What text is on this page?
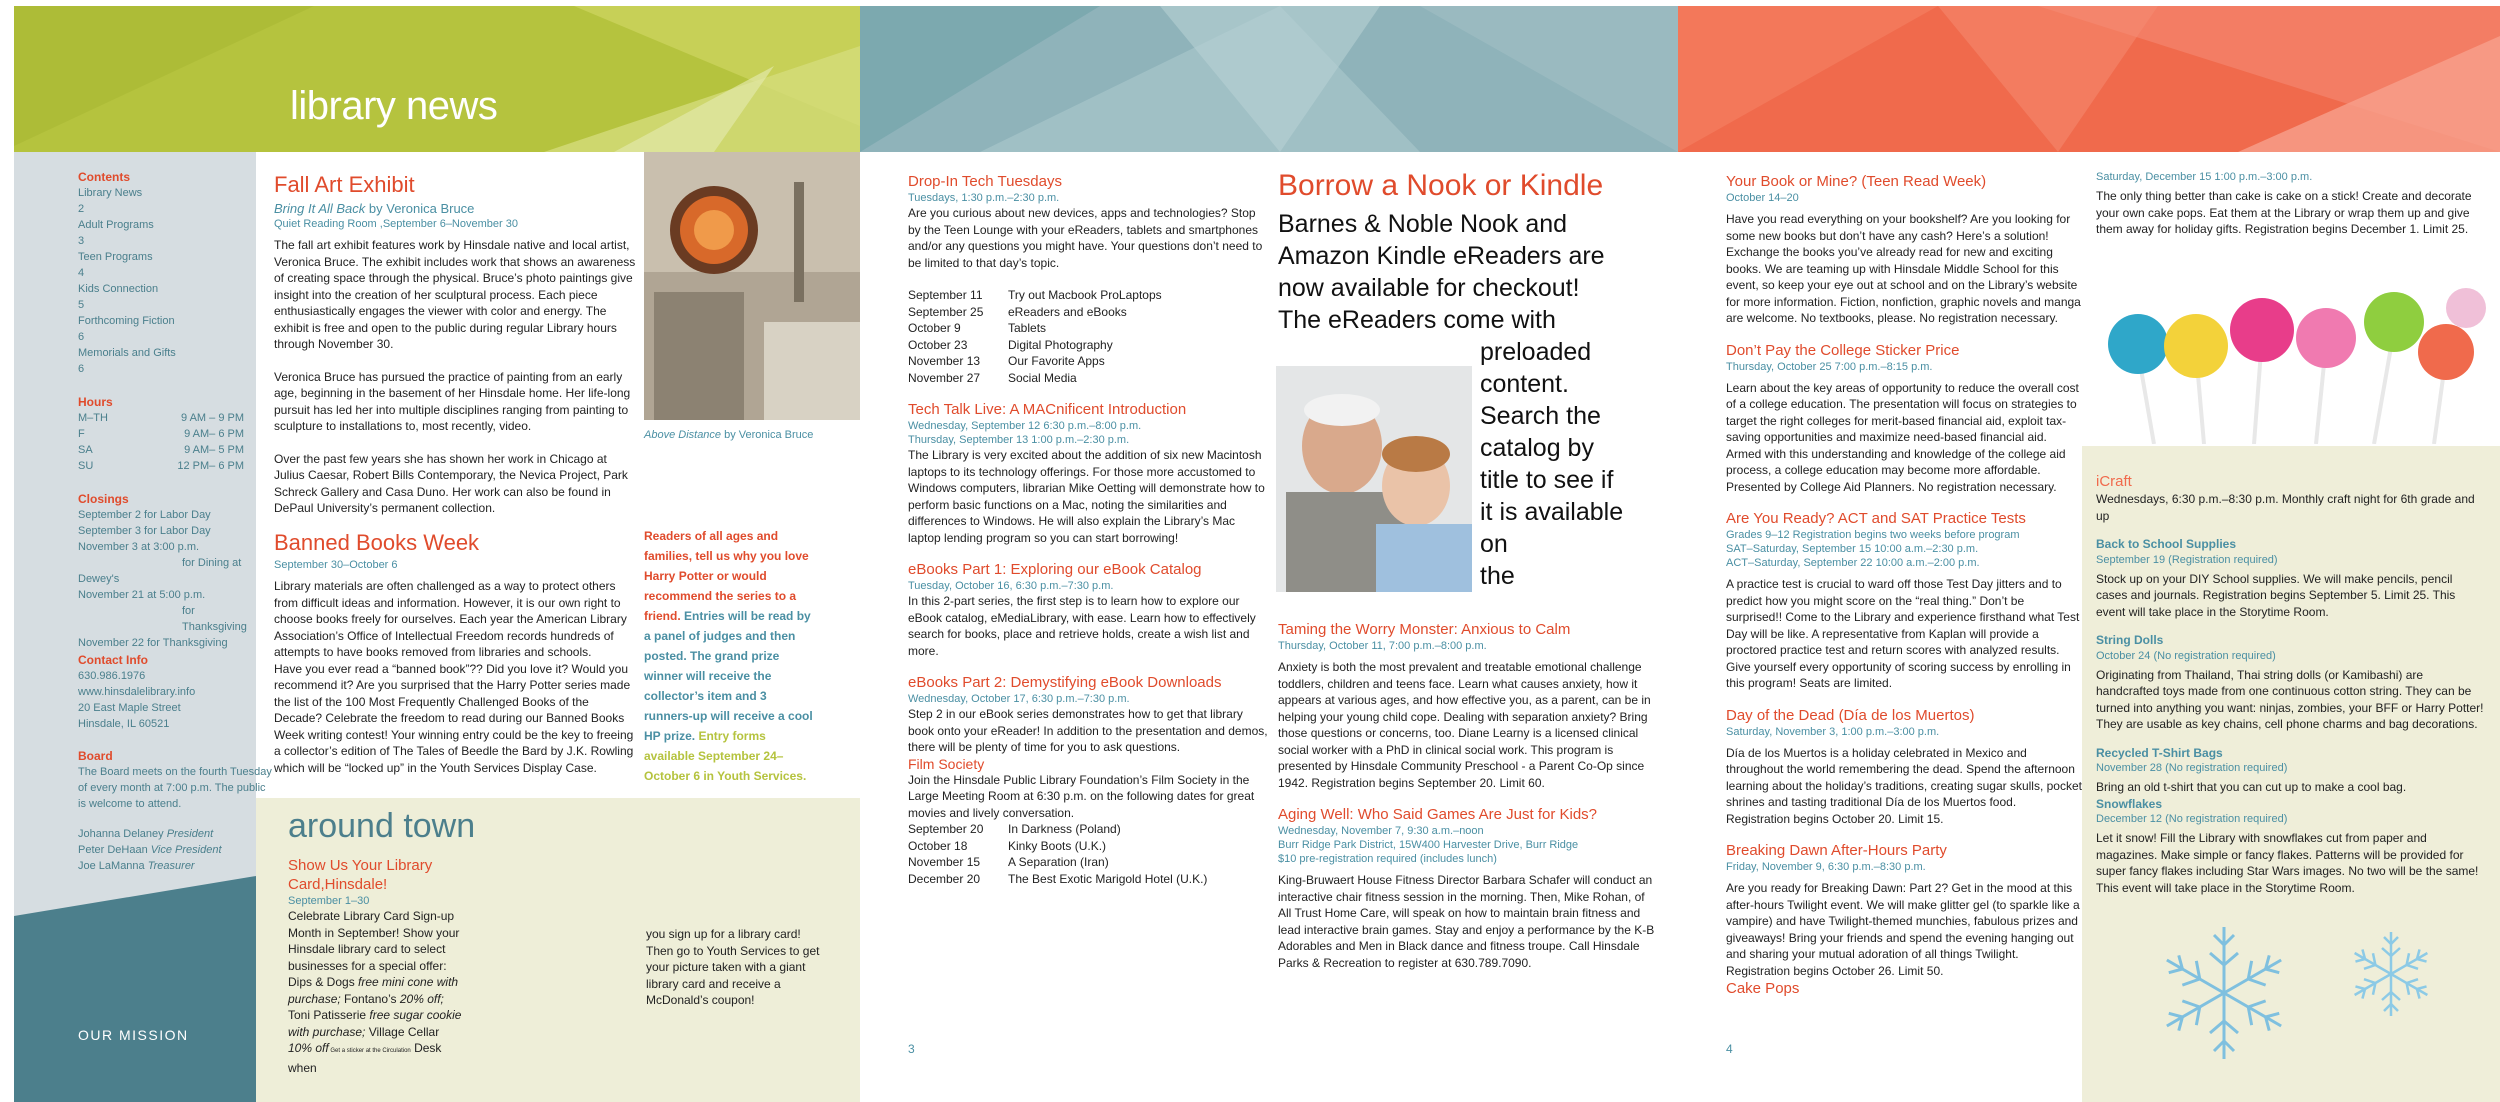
library news
Contents
Library News
2
Adult Programs
3
Teen Programs
4
Kids Connection
5
Forthcoming Fiction
6
Memorials and Gifts
6
Hours
M–TH	9 AM – 9 PM
F	9 AM– 6 PM
SA	9 AM– 5 PM
SU	12 PM– 6 PM
Closings
September 2 for Labor Day
September 3 for Labor Day
November 3 at 3:00 p.m.
for Dining at
Dewey's
November 21 at 5:00 p.m.
for Thanksgiving
November 22 for Thanksgiving
Contact Info
630.986.1976
www.hinsdalelibrary.info
20 East Maple Street
Hinsdale, IL 60521
Board
The Board meets on the fourth Tuesday of every month at 7:00 p.m. The public is welcome to attend.
Johanna Delaney President
Peter DeHaan Vice President
Joe LaManna Treasurer
OUR MISSION
Fall Art Exhibit
Bring It All Back by Veronica Bruce
Quiet Reading Room ,September 6–November 30

The fall art exhibit features work by Hinsdale native and local artist, Veronica Bruce. The exhibit includes work that shows an awareness of creating space through the physical. Bruce’s photo paintings give insight into the creation of her sculptural process. Each piece enthusiastically engages the viewer with color and energy. The exhibit is free and open to the public during regular Library hours through November 30.

Veronica Bruce has pursued the practice of painting from an early age, beginning in the basement of her Hinsdale home. Her life-long pursuit has led her into multiple disciplines ranging from painting to sculpture to installations to, most recently, video.

Over the past few years she has shown her work in Chicago at Julius Caesar, Robert Bills Contemporary, the Nevica Project, Park Schreck Gallery and Casa Duno. Her work can also be found in DePaul University’s permanent collection.

Above Distance by Veronica Bruce
Banned Books Week
September 30–October 6

Library materials are often challenged as a way to protect others from difficult ideas and information. However, it is our own right to choose books freely for ourselves. Each year the American Library Association’s Office of Intellectual Freedom records hundreds of attempts to have books removed from libraries and schools.

Have you ever read a “banned book”?? Did you love it? Would you recommend it? Are you surprised that the Harry Potter series made the list of the 100 Most Frequently Challenged Books of the Decade? Celebrate the freedom to read during our Banned Books Week writing contest! Your winning entry could be the key to freeing a collector’s edition of The Tales of Beedle the Bard by J.K. Rowling which will be “locked up” in the Youth Services Display Case.

Readers of all ages and families, tell us why you love Harry Potter or would recommend the series to a friend. Entries will be read by a panel of judges and then posted. The grand prize winner will receive the collector’s item and 3 runners-up will receive a cool HP prize. Entry forms available September 24–October 6 in Youth Services.
around town
Show Us Your Library Card,Hinsdale!
September 1–30

Celebrate Library Card Sign-up Month in September! Show your Hinsdale library card to select businesses for a special offer: Dips & Dogs free mini cone with purchase; Fontano’s 20% off; Toni Patisserie free sugar cookie with purchase; Village Cellar 10% off Get a sticker at the Circulation Desk when

you sign up for a library card! Then go to Youth Services to get your picture taken with a giant library card and receive a McDonald’s coupon!
Drop-In Tech Tuesdays
Tuesdays, 1:30 p.m.–2:30 p.m.

Are you curious about new devices, apps and technologies? Stop by the Teen Lounge with your eReaders, tablets and smartphones and/or any questions you might have. Your questions don’t need to be limited to that day’s topic.

September 11	Try out Macbook ProLaptops
September 25	eReaders and eBooks
October 9	Tablets
October 23	Digital Photography
November 13	Our Favorite Apps
November 27	Social Media
Tech Talk Live: A MACnificent Introduction
Wednesday, September 12 6:30 p.m.–8:00 p.m.
Thursday, September 13 1:00 p.m.–2:30 p.m.

The Library is very excited about the addition of six new Macintosh laptops to its technology offerings. For those more accustomed to Windows computers, librarian Mike Oetting will demonstrate how to perform basic functions on a Mac, noting the similarities and differences to Windows. He will also explain the Library’s Mac laptop lending program so you can start borrowing!

eBooks Part 1: Exploring our eBook Catalog
Tuesday, October 16, 6:30 p.m.–7:30 p.m.

In this 2-part series, the first step is to learn how to explore our eBook catalog, eMediaLibrary, with ease. Learn how to effectively search for books, place and retrieve holds, create a wish list and more.

eBooks Part 2: Demystifying eBook Downloads
Wednesday, October 17, 6:30 p.m.–7:30 p.m.

Step 2 in our eBook series demonstrates how to get that library book onto your eReader! In addition to the presentation and demos, there will be plenty of time for you to ask questions.

Film Society

Join the Hinsdale Public Library Foundation’s Film Society in the Large Meeting Room at 6:30 p.m. on the following dates for great movies and lively conversation.

September 20	In Darkness (Poland)
October 18	Kinky Boots (U.K.)
November 15	A Separation (Iran)
December 20	The Best Exotic Marigold Hotel (U.K.)
Borrow a Nook or Kindle
Barnes & Noble Nook and
Amazon Kindle eReaders are
now available for checkout!
The eReaders come with
preloaded
content.
Search the
catalog by
title to see if
it is available
on
the
Taming the Worry Monster: Anxious to Calm
Thursday, October 11, 7:00 p.m.–8:00 p.m.

Anxiety is both the most prevalent and treatable emotional challenge toddlers, children and teens face. Learn what causes anxiety, how it appears at various ages, and how effective you, as a parent, can be in helping your young child cope. Dealing with separation anxiety? Bring those questions or concerns, too. Diane Learny is a licensed clinical social worker with a PhD in clinical social work. This program is presented by Hinsdale Community Preschool - a Parent Co-Op since 1942. Registration begins September 20. Limit 60.

Aging Well: Who Said Games Are Just for Kids?
Wednesday, November 7, 9:30 a.m.–noon
Burr Ridge Park District, 15W400 Harvester Drive, Burr Ridge
$10 pre-registration required (includes lunch)

King-Bruwaert House Fitness Director Barbara Schafer will conduct an interactive chair fitness session in the morning. Then, Mike Rohan, of All Trust Home Care, will speak on how to maintain brain fitness and lead interactive brain games. Stay and enjoy a performance by the K-B Adorables and Men in Black dance and fitness troupe. Call Hinsdale Parks & Recreation to register at 630.789.7090.

3
Your Book or Mine? (Teen Read Week)
October 14–20

Have you read everything on your bookshelf? Are you looking for some new books but don’t have any cash? Here’s a solution! Exchange the books you’ve already read for new and exciting books. We are teaming up with Hinsdale Middle School for this event, so keep your eye out at school and on the Library’s website for more information. Fiction, nonfiction, graphic novels and manga are welcome. No textbooks, please. No registration necessary.

Don’t Pay the College Sticker Price
Thursday, October 25 7:00 p.m.–8:15 p.m.

Learn about the key areas of opportunity to reduce the overall cost of a college education. The presentation will focus on strategies to target the right colleges for merit-based financial aid, exploit tax-saving opportunities and maximize need-based financial aid. Armed with this understanding and knowledge of the college aid process, a college education may become more affordable. Presented by College Aid Planners. No registration necessary.

Are You Ready? ACT and SAT Practice Tests
Grades 9–12 Registration begins two weeks before program
SAT–Saturday, September 15 10:00 a.m.–2:30 p.m.
ACT–Saturday, September 22 10:00 a.m.–2:00 p.m.

A practice test is crucial to ward off those Test Day jitters and to predict how you might score on the “real thing.” Don’t be surprised!! Come to the Library and experience firsthand what Test Day will be like. A representative from Kaplan will provide a proctored practice test and return scores with analyzed results. Give yourself every opportunity of scoring success by enrolling in this program! Seats are limited.

Day of the Dead (Día de los Muertos)
Saturday, November 3, 1:00 p.m.–3:00 p.m.

Día de los Muertos is a holiday celebrated in Mexico and throughout the world remembering the dead. Spend the afternoon learning about the holiday’s traditions, creating sugar skulls, pocket shrines and tasting traditional Día de los Muertos food. Registration begins October 20. Limit 15.

Breaking Dawn After-Hours Party
Friday, November 9, 6:30 p.m.–8:30 p.m.

Are you ready for Breaking Dawn: Part 2? Get in the mood at this after-hours Twilight event. We will make glitter gel (to sparkle like a vampire) and have Twilight-themed munchies, fabulous prizes and giveaways! Bring your friends and spend the evening hanging out and sharing your mutual adoration of all things Twilight. Registration begins October 26. Limit 50.

Cake Pops
Saturday, December 15 1:00 p.m.–3:00 p.m.

The only thing better than cake is cake on a stick! Create and decorate your own cake pops. Eat them at the Library or wrap them up and give them away for holiday gifts. Registration begins December 1. Limit 25.

iCraft

Wednesdays, 6:30 p.m.–8:30 p.m. Monthly craft night for 6th grade and up

Back to School Supplies
September 19 (Registration required)

Stock up on your DIY School supplies. We will make pencils, pencil cases and journals. Registration begins September 5. Limit 25. This event will take place in the Storytime Room.

String Dolls
October 24 (No registration required)

Originating from Thailand, Thai string dolls (or Kamibashi) are handcrafted toys made from one continuous cotton string. They can be turned into anything you want: ninjas, zombies, your BFF or Harry Potter! They are usable as key chains, cell phone charms and bag decorations.

Recycled T-Shirt Bags
November 28 (No registration required)

Bring an old t-shirt that you can cut up to make a cool bag.

Snowflakes
December 12 (No registration required)

Let it snow! Fill the Library with snowflakes cut from paper and magazines. Make simple or fancy flakes. Patterns will be provided for super fancy flakes including Star Wars images. No two will be the same! This event will take place in the Storytime Room.

4
